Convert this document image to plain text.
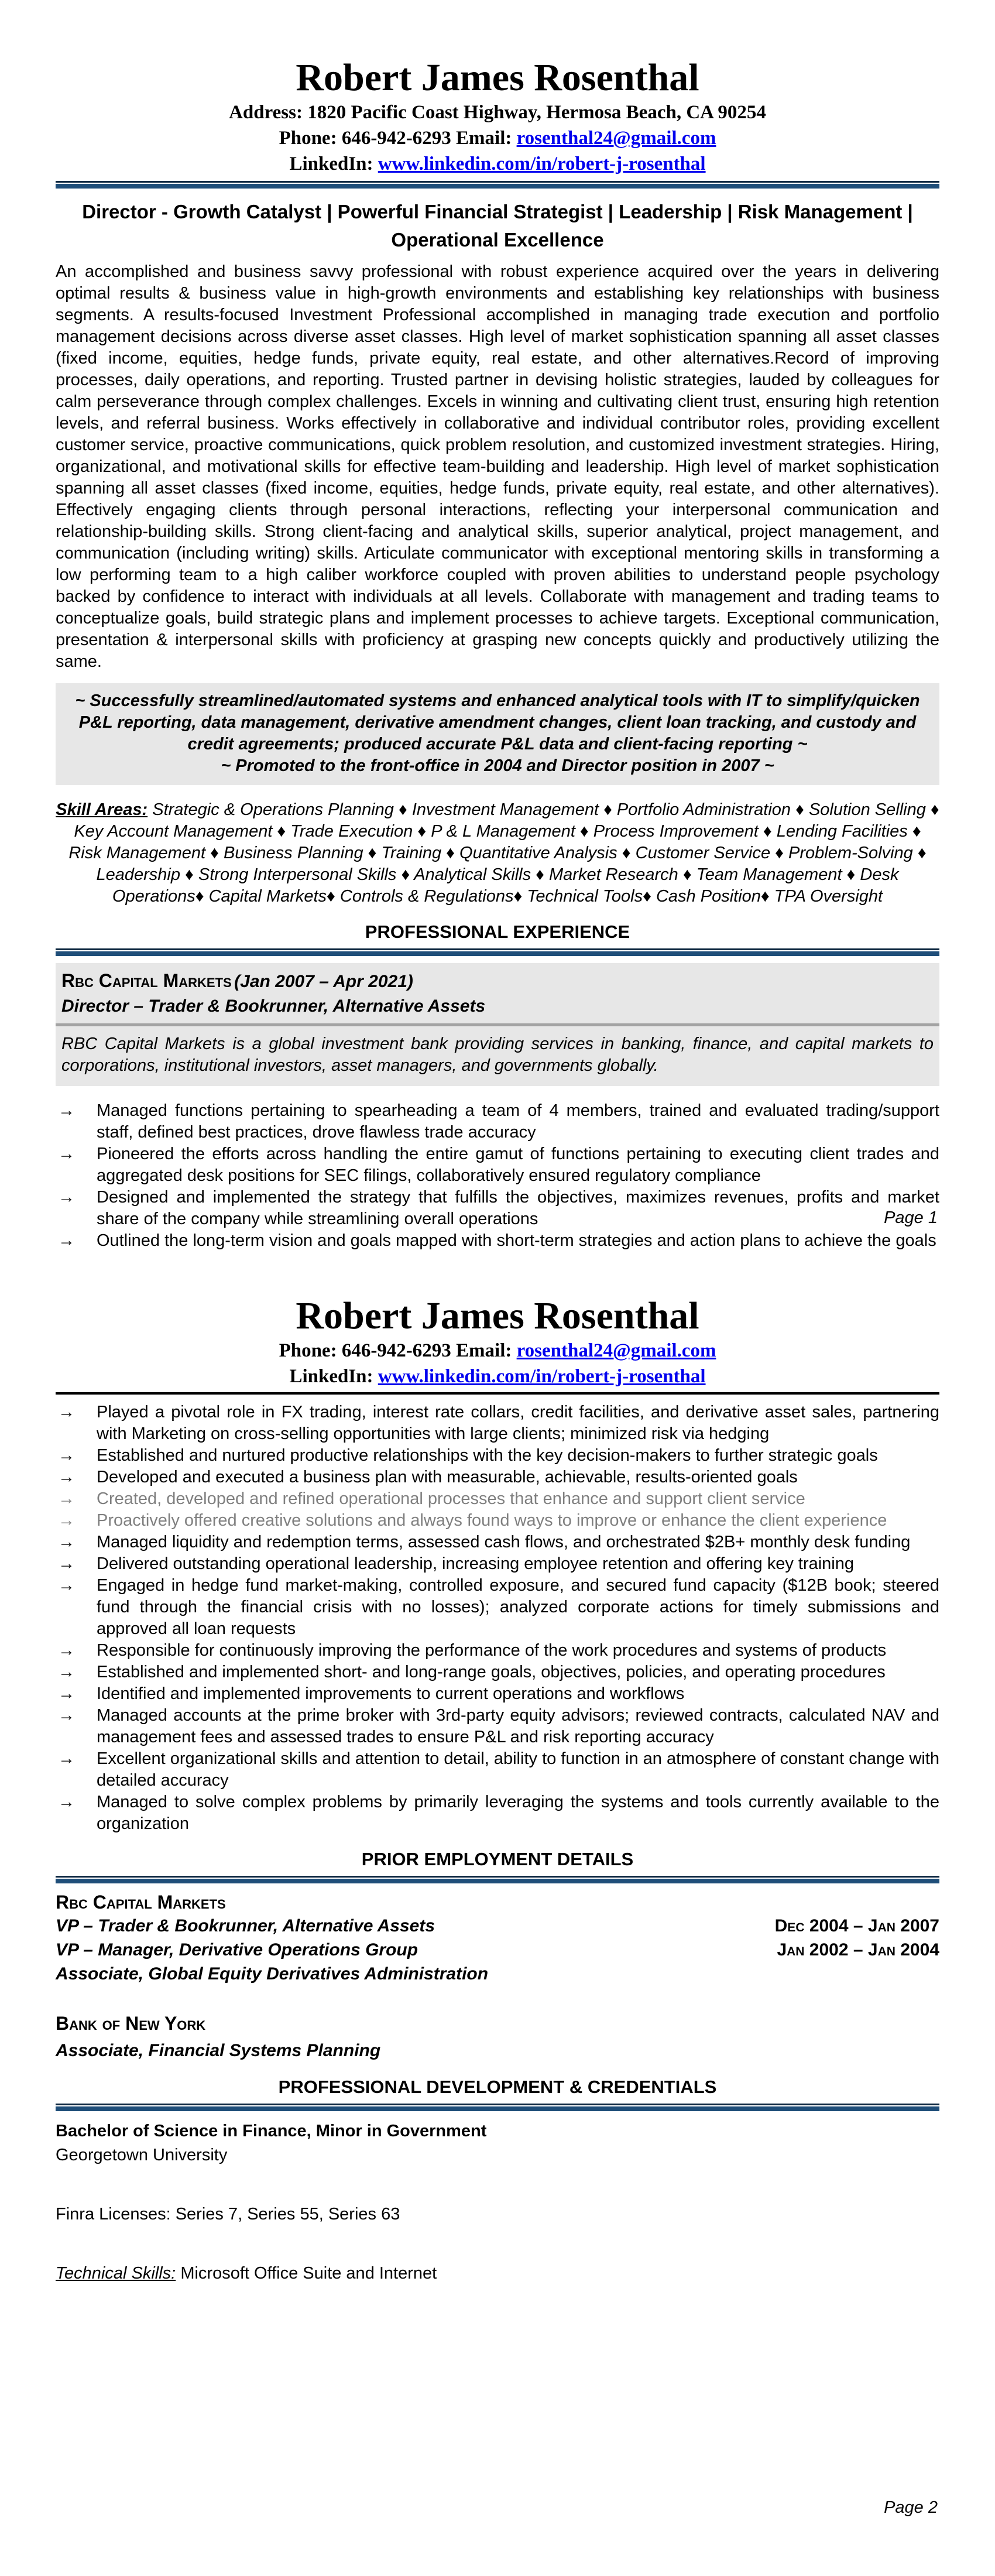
Robert James Rosenthal
Address: 1820 Pacific Coast Highway, Hermosa Beach, CA 90254
Phone: 646-942-6293 Email: rosenthal24@gmail.com
LinkedIn: www.linkedin.com/in/robert-j-rosenthal
Director - Growth Catalyst | Powerful Financial Strategist | Leadership | Risk Management | Operational Excellence
An accomplished and business savvy professional with robust experience acquired over the years in delivering optimal results & business value in high-growth environments and establishing key relationships with business segments. A results-focused Investment Professional accomplished in managing trade execution and portfolio management decisions across diverse asset classes. High level of market sophistication spanning all asset classes (fixed income, equities, hedge funds, private equity, real estate, and other alternatives.Record of improving processes, daily operations, and reporting. Trusted partner in devising holistic strategies, lauded by colleagues for calm perseverance through complex challenges. Excels in winning and cultivating client trust, ensuring high retention levels, and referral business. Works effectively in collaborative and individual contributor roles, providing excellent customer service, proactive communications, quick problem resolution, and customized investment strategies. Hiring, organizational, and motivational skills for effective team-building and leadership. High level of market sophistication spanning all asset classes (fixed income, equities, hedge funds, private equity, real estate, and other alternatives). Effectively engaging clients through personal interactions, reflecting your interpersonal communication and relationship-building skills. Strong client-facing and analytical skills, superior analytical, project management, and communication (including writing) skills. Articulate communicator with exceptional mentoring skills in transforming a low performing team to a high caliber workforce coupled with proven abilities to understand people psychology backed by confidence to interact with individuals at all levels. Collaborate with management and trading teams to conceptualize goals, build strategic plans and implement processes to achieve targets. Exceptional communication, presentation & interpersonal skills with proficiency at grasping new concepts quickly and productively utilizing the same.

~ Successfully streamlined/automated systems and enhanced analytical tools with IT to simplify/quicken P&L reporting, data management, derivative amendment changes, client loan tracking, and custody and credit agreements; produced accurate P&L data and client-facing reporting ~

~ Promoted to the front-office in 2004 and Director position in 2007 ~

Skill Areas: Strategic & Operations Planning ♦ Investment Management ♦ Portfolio Administration ♦ Solution Selling ♦ Key Account Management ♦ Trade Execution ♦ P & L Management ♦ Process Improvement ♦ Lending Facilities ♦ Risk Management ♦ Business Planning ♦ Training ♦ Quantitative Analysis ♦ Customer Service ♦ Problem-Solving ♦ Leadership ♦ Strong Interpersonal Skills ♦ Analytical Skills ♦ Market Research ♦ Team Management ♦ Desk Operations♦ Capital Markets♦ Controls & Regulations♦ Technical Tools♦ Cash Position♦ TPA Oversight
PROFESSIONAL EXPERIENCE
Rbc Capital Markets (Jan 2007 – Apr 2021)
Director – Trader & Bookrunner, Alternative Assets
RBC Capital Markets is a global investment bank providing services in banking, finance, and capital markets to corporations, institutional investors, asset managers, and governments globally.
→	Managed functions pertaining to spearheading a team of 4 members, trained and evaluated trading/support staff, defined best practices, drove flawless trade accuracy
→	Pioneered the efforts across handling the entire gamut of functions pertaining to executing client trades and aggregated desk positions for SEC filings, collaboratively ensured regulatory compliance
→	Designed and implemented the strategy that fulfills the objectives, maximizes revenues, profits and market share of the company while streamlining overall operations
→	Outlined the long-term vision and goals mapped with short-term strategies and action plans to achieve the goals
Page 1
Robert James Rosenthal
Phone: 646-942-6293 Email: rosenthal24@gmail.com
LinkedIn: www.linkedin.com/in/robert-j-rosenthal
→	Played a pivotal role in FX trading, interest rate collars, credit facilities, and derivative asset sales, partnering with Marketing on cross-selling opportunities with large clients; minimized risk via hedging
→	Established and nurtured productive relationships with the key decision-makers to further strategic goals
→	Developed and executed a business plan with measurable, achievable, results-oriented goals
→	Created, developed and refined operational processes that enhance and support client service
→	Proactively offered creative solutions and always found ways to improve or enhance the client experience
→	Managed liquidity and redemption terms, assessed cash flows, and orchestrated $2B+ monthly desk funding
→	Delivered outstanding operational leadership, increasing employee retention and offering key training
→	Engaged in hedge fund market-making, controlled exposure, and secured fund capacity ($12B book; steered fund through the financial crisis with no losses); analyzed corporate actions for timely submissions and approved all loan requests
→	Responsible for continuously improving the performance of the work procedures and systems of products
→	Established and implemented short- and long-range goals, objectives, policies, and operating procedures
→	Identified and implemented improvements to current operations and workflows
→	Managed accounts at the prime broker with 3rd-party equity advisors; reviewed contracts, calculated NAV and management fees and assessed trades to ensure P&L and risk reporting accuracy
→	Excellent organizational skills and attention to detail, ability to function in an atmosphere of constant change with detailed accuracy
→	Managed to solve complex problems by primarily leveraging the systems and tools currently available to the organization
PRIOR EMPLOYMENT DETAILS
Rbc Capital Markets
VP – Trader & Bookrunner, Alternative Assets	Dec 2004 – Jan 2007
VP – Manager, Derivative Operations Group	Jan 2002 – Jan 2004
Associate, Global Equity Derivatives Administration
Bank of New York
Associate, Financial Systems Planning
PROFESSIONAL DEVELOPMENT & CREDENTIALS
Bachelor of Science in Finance, Minor in Government
Georgetown University
Finra Licenses: Series 7, Series 55, Series 63
Technical Skills: Microsoft Office Suite and Internet
Page 2
